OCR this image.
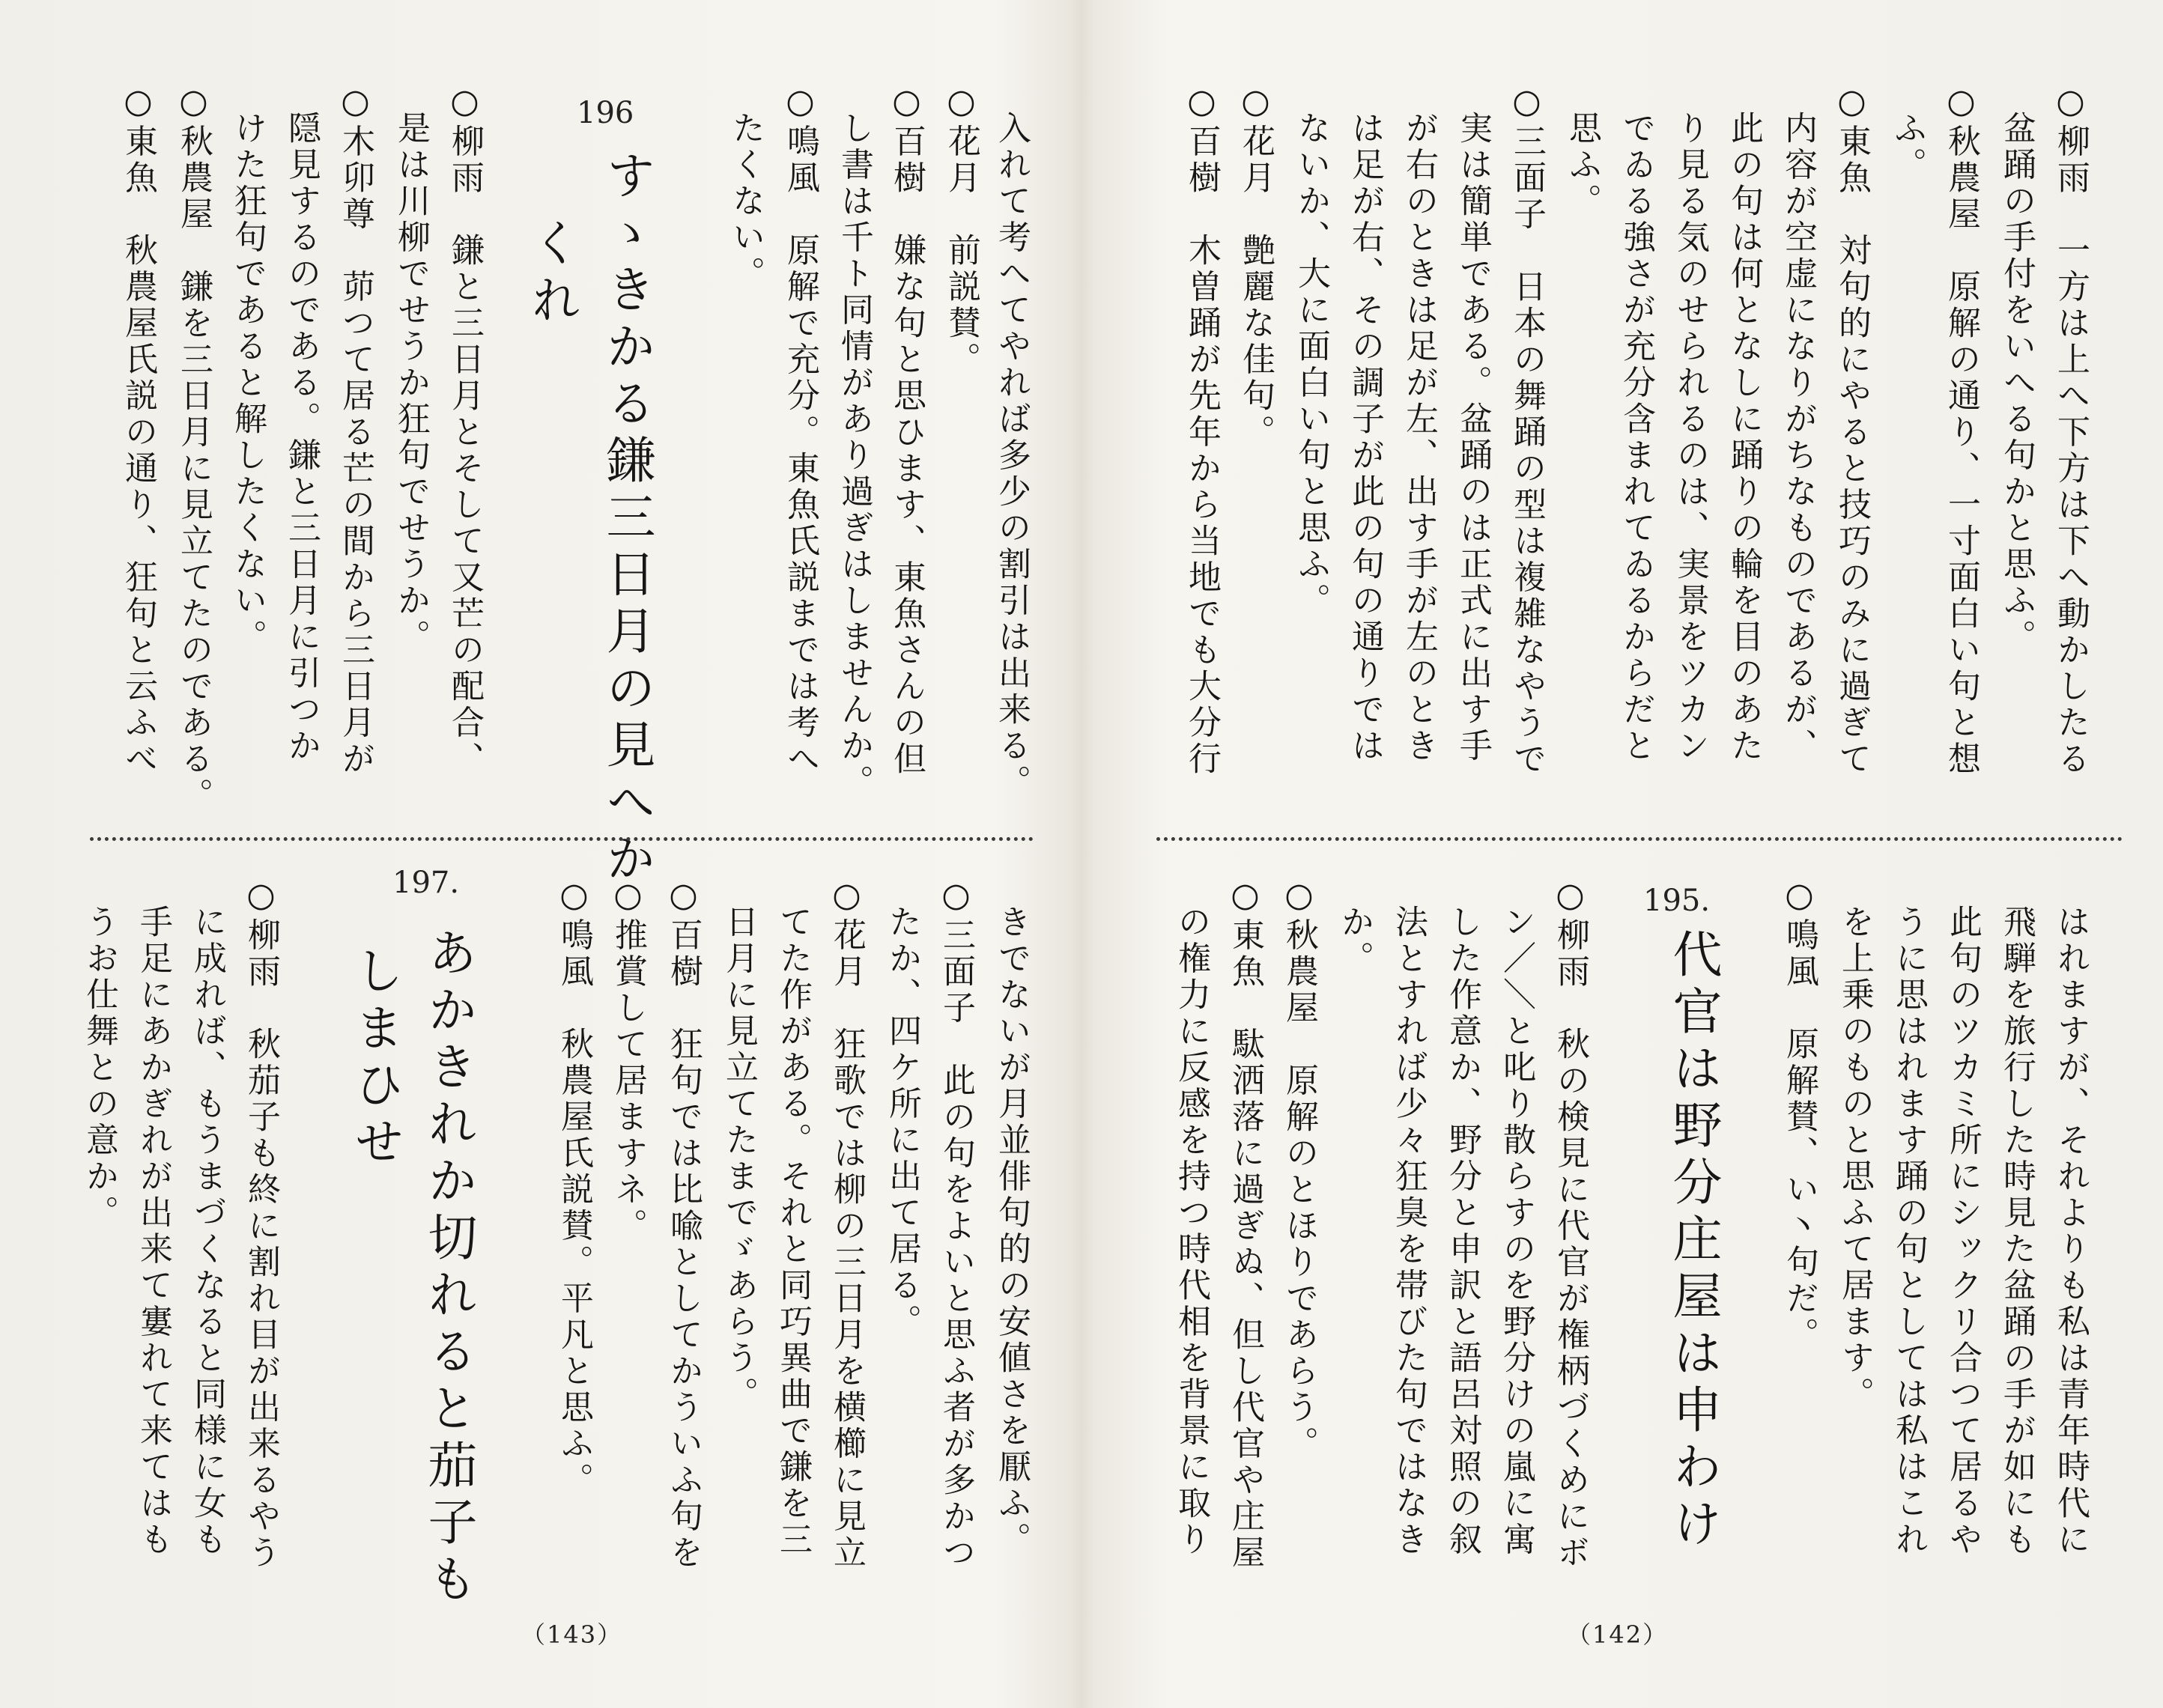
入れて考へてやれば多少の割引は出来る。
○花月　前説賛。
○百樹　嫌な句と思ひます、東魚さんの但
し書は千ト同情があり過ぎはしませんか。
○鳴風　原解で充分。東魚氏説までは考へ
たくない。
すゝきかる鎌三日月の見へか
くれ
○柳雨　鎌と三日月とそして又芒の配合、
是は川柳でせうか狂句でせうか。
○木卯尊　茆つて居る芒の間から三日月が
隠見するのである。鎌と三日月に引つか
けた狂句であると解したくない。
○秋農屋　鎌を三日月に見立てたのである。
○東魚　秋農屋氏説の通り、狂句と云ふべ	196
きでないが月並俳句的の安値さを厭ふ。
○三面子　此の句をよいと思ふ者が多かつ
たか、四ケ所に出て居る。
○花月　狂歌では柳の三日月を横櫛に見立
てた作がある。それと同巧異曲で鎌を三
日月に見立てたまでゞあらう。
○百樹　狂句では比喩としてかういふ句を
○推賞して居ますネ。
○鳴風　秋農屋氏説賛。平凡と思ふ。
あかきれか切れると茄子も
しまひせ
○柳雨　秋茄子も終に割れ目が出来るやう
に成れば、もうまづくなると同様に女も
手足にあかぎれが出来て寠れて来てはも
うお仕舞との意か。
197.
（143）
○柳雨　一方は上へ下方は下へ動かしたる
盆踊の手付をいへる句かと思ふ。
○秋農屋　原解の通り、一寸面白い句と想
ふ。
○東魚　対句的にやると技巧のみに過ぎて
内容が空虚になりがちなものであるが、
此の句は何となしに踊りの輪を目のあた
り見る気のせられるのは、実景をツカン
でゐる強さが充分含まれてゐるからだと
思ふ。
○三面子　日本の舞踊の型は複雑なやうで
実は簡単である。盆踊のは正式に出す手
が右のときは足が左、出す手が左のとき
は足が右、その調子が此の句の通りでは
ないか、大に面白い句と思ふ。
○花月　艶麗な佳句。
○百樹　木曽踊が先年から当地でも大分行
はれますが、それよりも私は青年時代に
飛騨を旅行した時見た盆踊の手が如にも
此句のツカミ所にシックリ合つて居るや
うに思はれます踊の句としては私はこれ
を上乗のものと思ふて居ます。
○鳴風　原解賛、い丶句だ。
代官は野分庄屋は申わけ
○柳雨　秋の検見に代官が権柄づくめにボ
ン／＼と叱り散らすのを野分けの嵐に寓
した作意か、野分と申訳と語呂対照の叙
法とすれば少々狂臭を帯びた句ではなき
か。
○秋農屋　原解のとほりであらう。
○東魚　駄洒落に過ぎぬ、但し代官や庄屋
の権力に反感を持つ時代相を背景に取り
195.
（142）
